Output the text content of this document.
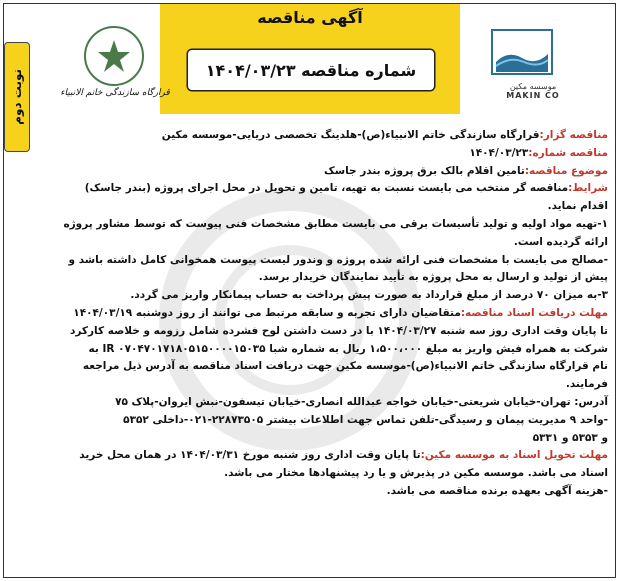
آگهی مناقصه
شماره مناقصه ۱۴۰۴/۰۳/۲۳
موسسه مکین
MAKIN CO
قرارگاه سازندگی خاتم الانبیاء
نوبت دوم

مناقصه گزار:قرارگاه سازندگی خاتم الانبیاء(ص)-هلدینگ تخصصی دریایی-موسسه مکین

مناقصه شماره:۱۴۰۴/۰۳/۲۳

موضوع مناقصه:تامین اقلام بالک برق پروژه بندر جاسک

شرایط:مناقصه گر منتخب می بایست نسبت به تهیه، تامین و تحویل در محل اجرای پروژه (بندر جاسک)

اقدام نماید.

۱-تهیه مواد اولیه و تولید تأسیسات برقی می بایست مطابق مشخصات فنی پیوست که توسط مشاور پروژه

ارائه گردیده است.

-مصالح می بایست با مشخصات فنی ارائه شده پروژه و وندور لیست پیوست همخوانی کامل داشته باشد و

پیش از تولید و ارسال به محل پروژه به تأیید نمایندگان خریدار برسد.

۳-به میزان ۷۰ درصد از مبلغ قرارداد به صورت پیش پرداخت به حساب پیمانکار واریز می گردد.

مهلت دریافت اسناد مناقصه:متقاضیان دارای تجربه و سابقه مرتبط می توانند از روز دوشنبه ۱۴۰۴/۰۳/۱۹

تا پایان وقت اداری روز سه شنبه ۱۴۰۴/۰۳/۲۷ با در دست داشتن لوح فشرده شامل رزومه و خلاصه کارکرد

شرکت به همراه فیش واریز به مبلغ ۱،۵۰۰،۰۰۰ ریال به شماره شبا IR ۰۷۰۴۷۰۱۷۱۸۰۵۱۵۰۰۰۰۱۵۰۳۵ به

نام قرارگاه سازندگی خاتم الانبیاء(ص)-موسسه مکین جهت دریافت اسناد مناقصه به آدرس ذیل مراجعه

فرمایند.

آدرس: تهران-خیابان شریعتی-خیابان خواجه عبدالله انصاری-خیابان تیسفون-نبش ایروان-پلاک ۷۵

-واحد ۹ مدیریت پیمان و رسیدگی-تلفن تماس جهت اطلاعات بیشتر ۲۲۸۷۳۵۰۵-۰۲۱-داخلی ۵۳۵۲

و ۵۳۵۳ و ۵۳۳۱

مهلت تحویل اسناد به موسسه مکین:تا پایان وقت اداری روز شنبه مورخ ۱۴۰۴/۰۳/۳۱ در همان محل خرید

اسناد می باشد. موسسه مکین در پذیرش و یا رد پیشنهادها مختار می باشد.

-هزینه آگهی بعهده برنده مناقصه می باشد.
